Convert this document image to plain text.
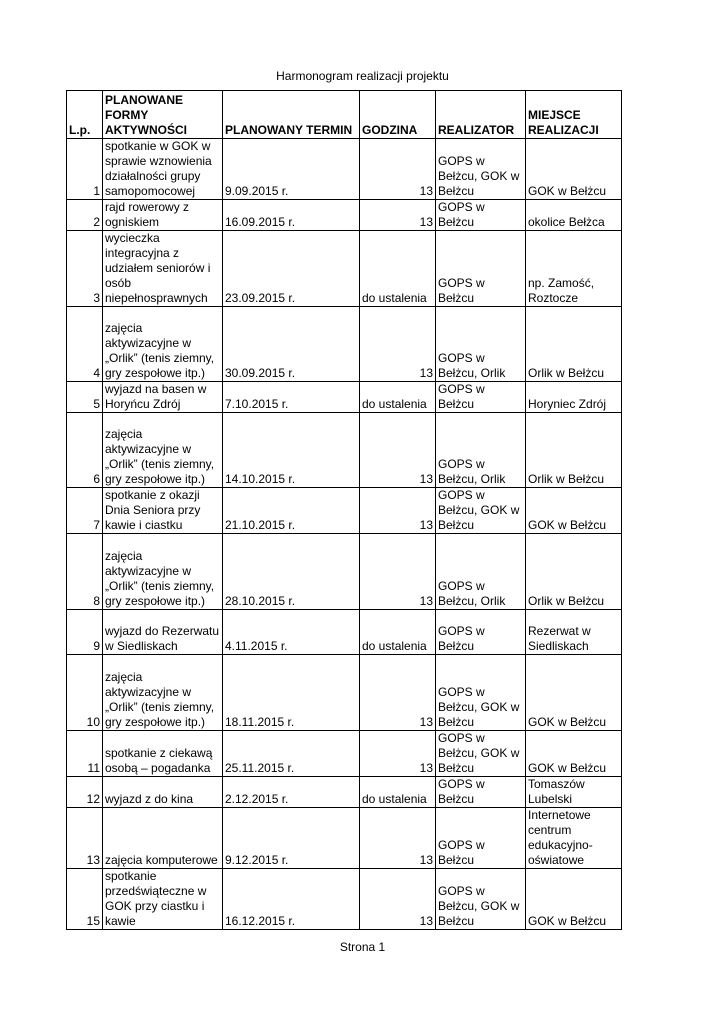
Harmonogram realizacji projektu
L.p.	PLANOWANE
FORMY
AKTYWNOŚCI	PLANOWANY TERMIN	GODZINA	REALIZATOR	MIEJSCE
REALIZACJI
1	spotkanie w GOK w
sprawie wznowienia
działalności grupy
samopomocowej	9.09.2015 r.	13	GOPS w
Bełżcu, GOK w
Bełżcu	GOK w Bełżcu
2	rajd rowerowy z
ogniskiem	16.09.2015 r.	13	GOPS w
Bełżcu	okolice Bełżca
3	wycieczka
integracyjna z
udziałem seniorów i
osób
niepełnosprawnych	23.09.2015 r.	do ustalenia	GOPS w
Bełżcu	np. Zamość,
Roztocze
4	zajęcia
aktywizacyjne w
„Orlik” (tenis ziemny,
gry zespołowe itp.)	30.09.2015 r.	13	GOPS w
Bełżcu, Orlik	Orlik w Bełżcu
5	wyjazd na basen w
Horyńcu Zdrój	7.10.2015 r.	do ustalenia	GOPS w
Bełżcu	Horyniec Zdrój
6	zajęcia
aktywizacyjne w
„Orlik” (tenis ziemny,
gry zespołowe itp.)	14.10.2015 r.	13	GOPS w
Bełżcu, Orlik	Orlik w Bełżcu
7	spotkanie z okazji
Dnia Seniora przy
kawie i ciastku	21.10.2015 r.	13	GOPS w
Bełżcu, GOK w
Bełżcu	GOK w Bełżcu
8	zajęcia
aktywizacyjne w
„Orlik” (tenis ziemny,
gry zespołowe itp.)	28.10.2015 r.	13	GOPS w
Bełżcu, Orlik	Orlik w Bełżcu
9	wyjazd do Rezerwatu
w Siedliskach	4.11.2015 r.	do ustalenia	GOPS w
Bełżcu	Rezerwat w
Siedliskach
10	zajęcia
aktywizacyjne w
„Orlik” (tenis ziemny,
gry zespołowe itp.)	18.11.2015 r.	13	GOPS w
Bełżcu, GOK w
Bełżcu	GOK w Bełżcu
11	spotkanie z ciekawą
osobą – pogadanka	25.11.2015 r.	13	GOPS w
Bełżcu, GOK w
Bełżcu	GOK w Bełżcu
12	wyjazd z do kina	2.12.2015 r.	do ustalenia	GOPS w
Bełżcu	Tomaszów
Lubelski
13	zajęcia komputerowe	9.12.2015 r.	13	GOPS w
Bełżcu	Internetowe
centrum
edukacyjno-
oświatowe
15	spotkanie
przedświąteczne w
GOK przy ciastku i
kawie	16.12.2015 r.	13	GOPS w
Bełżcu, GOK w
Bełżcu	GOK w Bełżcu
Strona 1
